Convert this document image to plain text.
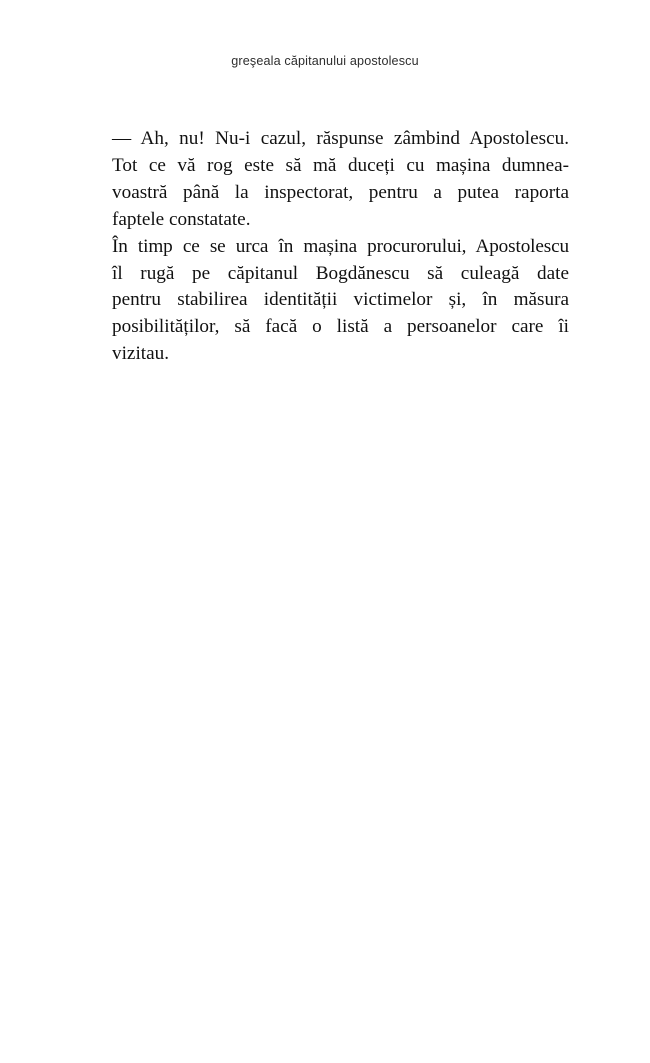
greşeala căpitanului apostolescu

— Ah, nu! Nu-i cazul, răspunse zâmbind Apostolescu.
Tot ce vă rog este să mă duceți cu mașina dumnea-
voastră până la inspectorat, pentru a putea raporta
faptele constatate.

În timp ce se urca în mașina procurorului, Apostolescu
îl rugă pe căpitanul Bogdănescu să culeagă date
pentru stabilirea identității victimelor și, în măsura
posibilităților, să facă o listă a persoanelor care îi
vizitau.
